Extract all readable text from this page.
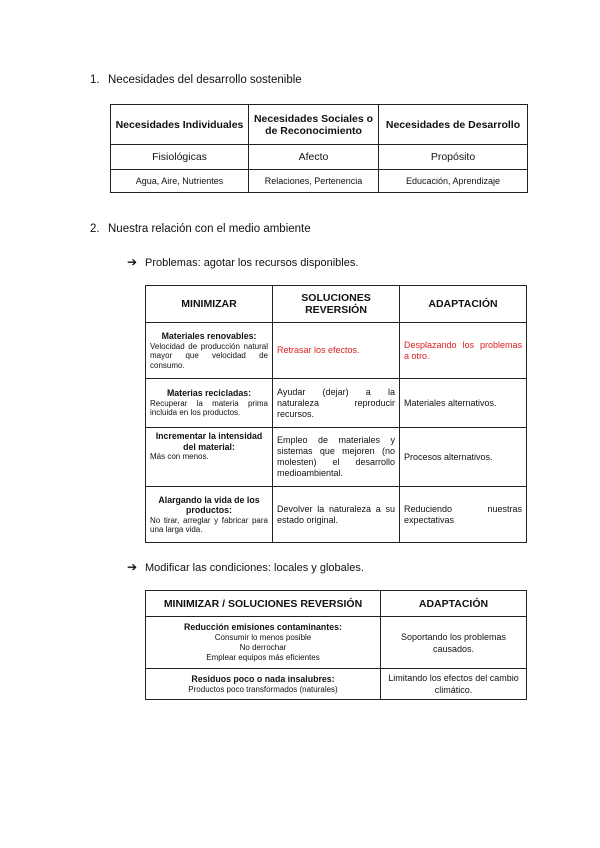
1. Necesidades del desarrollo sostenible
Necesidades Individuales	Necesidades Sociales o de Reconocimiento	Necesidades de Desarrollo
Fisiológicas	Afecto	Propósito
Agua, Aire, Nutrientes	Relaciones, Pertenencia	Educación, Aprendizaje
2. Nuestra relación con el medio ambiente
➔ Problemas: agotar los recursos disponibles.
MINIMIZAR	SOLUCIONES REVERSIÓN	ADAPTACIÓN

Materiales renovables:
Velocidad de producción natural mayor que velocidad de consumo.	Retrasar los efectos.	Desplazando los problemas a otro.

Materias recicladas:
Recuperar la materia prima incluida en los productos.	Ayudar (dejar) a la naturaleza reproducir recursos.	Materiales alternativos.

Incrementar la intensidad del material:
Más con menos.	Empleo de materiales y sistemas que mejoren (no molesten) el desarrollo medioambiental.	Procesos alternativos.

Alargando la vida de los productos:
No tirar, arreglar y fabricar para una larga vida.	Devolver la naturaleza a su estado original.	Reduciendo nuestras expectativas
➔ Modificar las condiciones: locales y globales.
MINIMIZAR / SOLUCIONES REVERSIÓN	ADAPTACIÓN

Reducción emisiones contaminantes:
Consumir lo menos posible
No derrochar
Emplear equipos más eficientes	Soportando los problemas causados.

Residuos poco o nada insalubres:
Productos poco transformados (naturales)	Limitando los efectos del cambio climático.
